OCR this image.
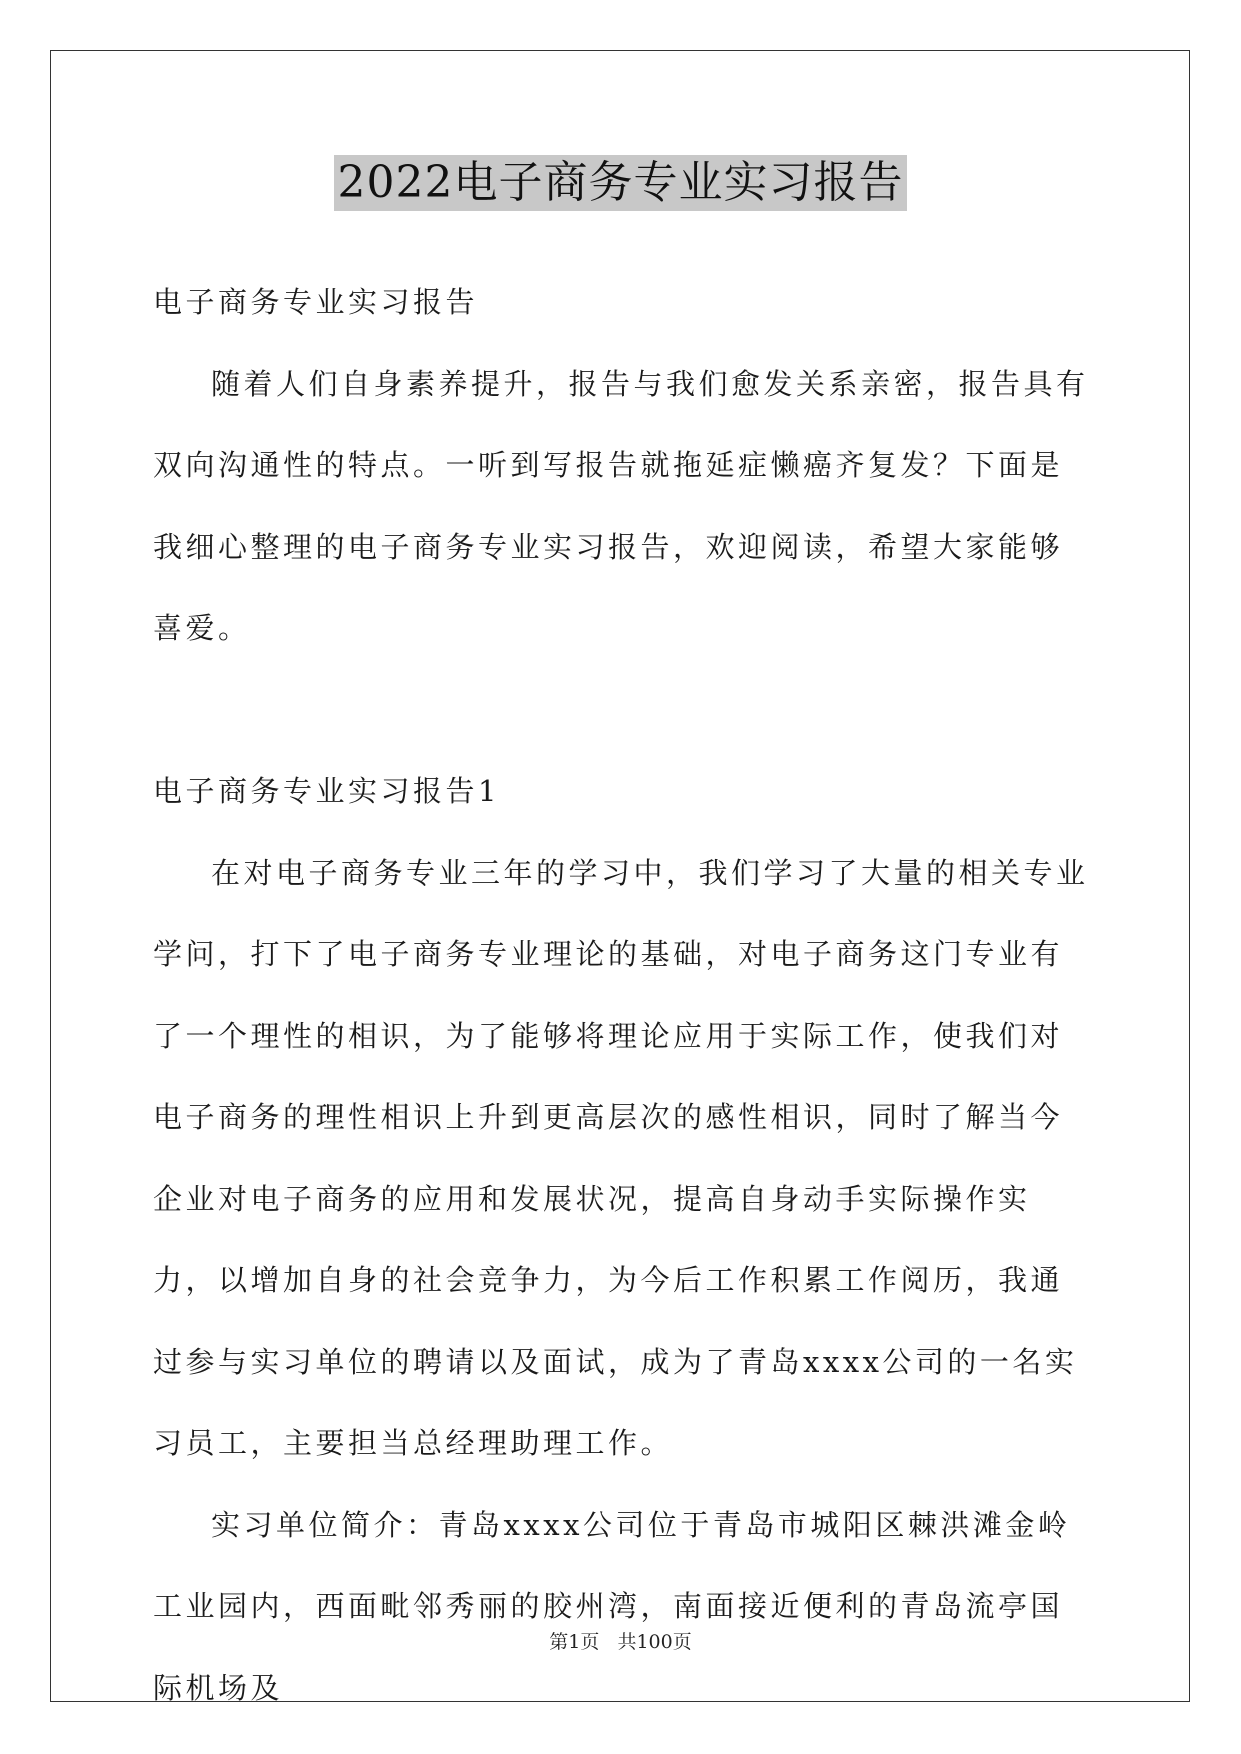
2022电子商务专业实习报告

电子商务专业实习报告

随着人们自身素养提升，报告与我们愈发关系亲密，报告具有双向沟通性的特点。一听到写报告就拖延症懒癌齐复发？下面是我细心整理的电子商务专业实习报告，欢迎阅读，希望大家能够喜爱。

电子商务专业实习报告1

在对电子商务专业三年的学习中，我们学习了大量的相关专业学问，打下了电子商务专业理论的基础，对电子商务这门专业有了一个理性的相识，为了能够将理论应用于实际工作，使我们对电子商务的理性相识上升到更高层次的感性相识，同时了解当今企业对电子商务的应用和发展状况，提高自身动手实际操作实力，以增加自身的社会竞争力，为今后工作积累工作阅历，我通过参与实习单位的聘请以及面试，成为了青岛xxxx公司的一名实习员工，主要担当总经理助理工作。

实习单位简介：青岛xxxx公司位于青岛市城阳区棘洪滩金岭工业园内，西面毗邻秀丽的胶州湾，南面接近便利的青岛流亭国际机场及

第1页 共100页
